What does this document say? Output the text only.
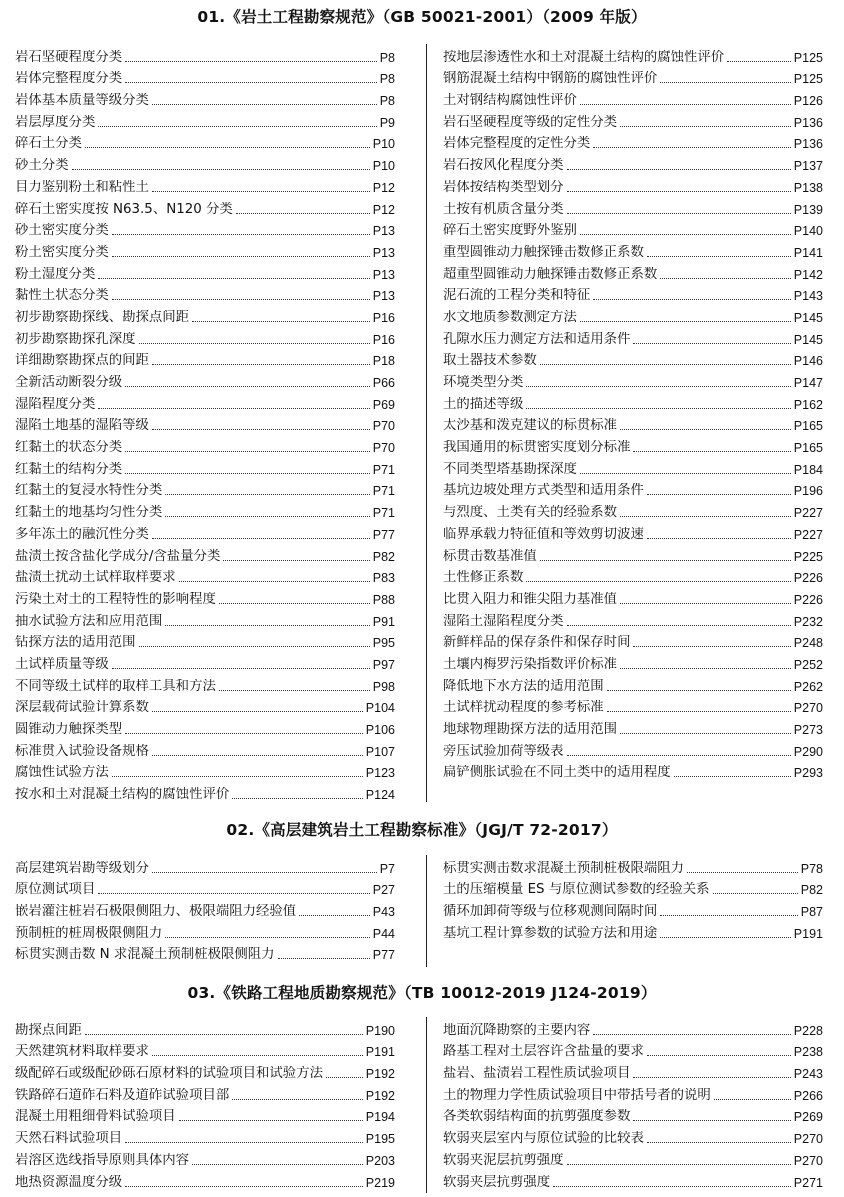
01.《岩土工程勘察规范》（GB 50021-2001）（2009 年版）
岩石坚硬程度分类	P8
岩体完整程度分类	P8
岩体基本质量等级分类	P8
岩层厚度分类	P9
碎石土分类	P10
砂土分类	P10
目力鉴别粉土和粘性土	P12
碎石土密实度按 N63.5、N120 分类	P12
砂土密实度分类	P13
粉土密实度分类	P13
粉土湿度分类	P13
黏性土状态分类	P13
初步勘察勘探线、勘探点间距	P16
初步勘察勘探孔深度	P16
详细勘察勘探点的间距	P18
全新活动断裂分级	P66
湿陷程度分类	P69
湿陷土地基的湿陷等级	P70
红黏土的状态分类	P70
红黏土的结构分类	P71
红黏土的复浸水特性分类	P71
红黏土的地基均匀性分类	P71
多年冻土的融沉性分类	P77
盐渍土按含盐化学成分/含盐量分类	P82
盐渍土扰动土试样取样要求	P83
污染土对土的工程特性的影响程度	P88
抽水试验方法和应用范围	P91
钻探方法的适用范围	P95
土试样质量等级	P97
不同等级土试样的取样工具和方法	P98
深层载荷试验计算系数	P104
圆锥动力触探类型	P106
标准贯入试验设备规格	P107
腐蚀性试验方法	P123
按水和土对混凝土结构的腐蚀性评价	P124
按地层渗透性水和土对混凝土结构的腐蚀性评价	P125
钢筋混凝土结构中钢筋的腐蚀性评价	P125
土对钢结构腐蚀性评价	P126
岩石坚硬程度等级的定性分类	P136
岩体完整程度的定性分类	P136
岩石按风化程度分类	P137
岩体按结构类型划分	P138
土按有机质含量分类	P139
碎石土密实度野外鉴别	P140
重型圆锥动力触探锤击数修正系数	P141
超重型圆锥动力触探锤击数修正系数	P142
泥石流的工程分类和特征	P143
水文地质参数测定方法	P145
孔隙水压力测定方法和适用条件	P145
取土器技术参数	P146
环境类型分类	P147
土的描述等级	P162
太沙基和泼克建议的标贯标准	P165
我国通用的标贯密实度划分标准	P165
不同类型塔基勘探深度	P184
基坑边坡处理方式类型和适用条件	P196
与烈度、土类有关的经验系数	P227
临界承载力特征值和等效剪切波速	P227
标贯击数基准值	P225
土性修正系数	P226
比贯入阻力和锥尖阻力基准值	P226
湿陷土湿陷程度分类	P232
新鲜样品的保存条件和保存时间	P248
土壤内梅罗污染指数评价标准	P252
降低地下水方法的适用范围	P262
土试样扰动程度的参考标准	P270
地球物理勘探方法的适用范围	P273
旁压试验加荷等级表	P290
扁铲侧胀试验在不同土类中的适用程度	P293
02.《高层建筑岩土工程勘察标准》（JGJ/T 72-2017）
高层建筑岩勘等级划分	P7
原位测试项目	P27
嵌岩灌注桩岩石极限侧阻力、极限端阻力经验值	P43
预制桩的桩周极限侧阻力	P44
标贯实测击数 N 求混凝土预制桩极限侧阻力	P77
标贯实测击数求混凝土预制桩极限端阻力	P78
土的压缩模量 ES 与原位测试参数的经验关系	P82
循环加卸荷等级与位移观测间隔时间	P87
基坑工程计算参数的试验方法和用途	P191
03.《铁路工程地质勘察规范》（TB 10012-2019 J124-2019）
勘探点间距	P190
天然建筑材料取样要求	P191
级配碎石或级配砂砾石原材料的试验项目和试验方法	P192
铁路碎石道砟石料及道砟试验项目部	P192
混凝土用粗细骨料试验项目	P194
天然石料试验项目	P195
岩溶区选线指导原则具体内容	P203
地热资源温度分级	P219
地面沉降勘察的主要内容	P228
路基工程对土层容许含盐量的要求	P238
盐岩、盐渍岩工程性质试验项目	P243
土的物理力学性质试验项目中带括号者的说明	P266
各类软弱结构面的抗剪强度参数	P269
软弱夹层室内与原位试验的比较表	P270
软弱夹泥层抗剪强度	P270
软弱夹层抗剪强度	P271
